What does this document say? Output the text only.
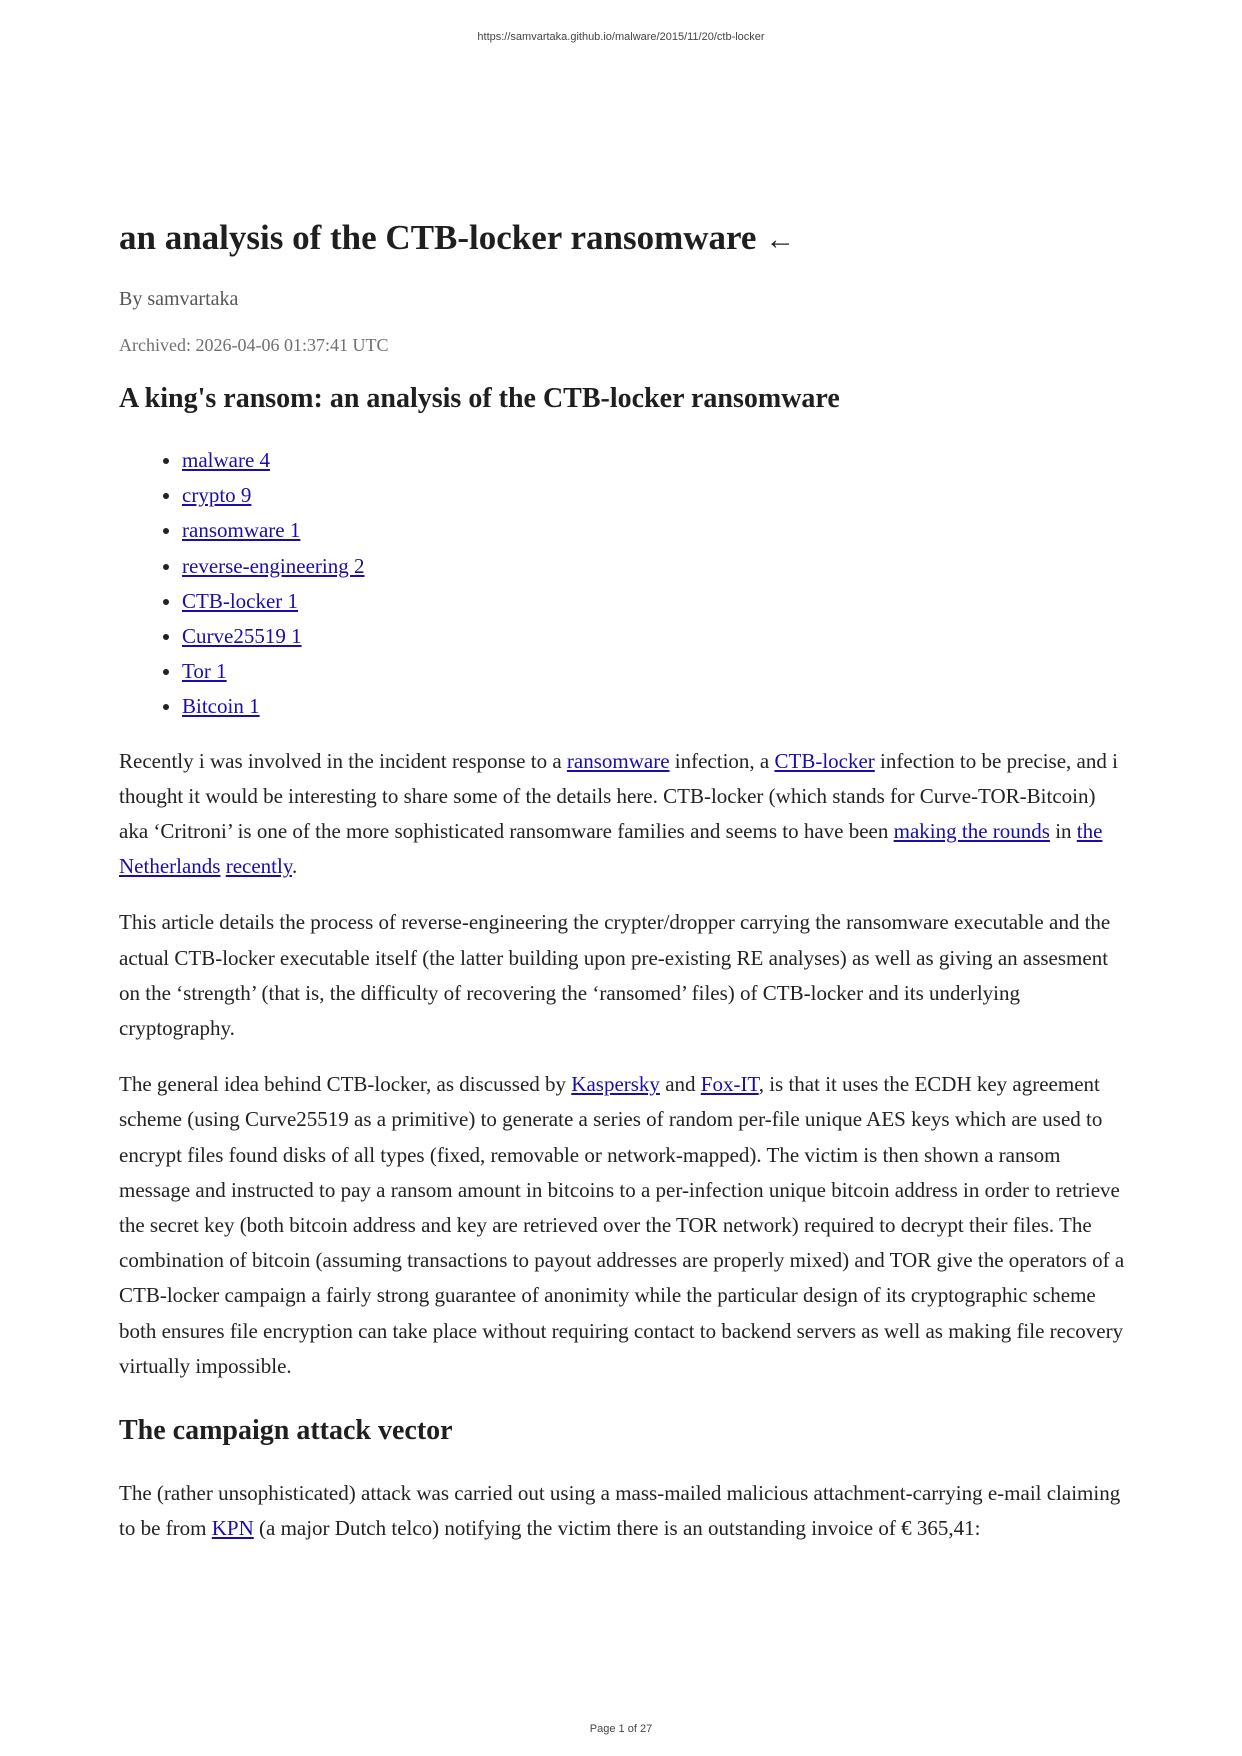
https://samvartaka.github.io/malware/2015/11/20/ctb-locker
an analysis of the CTB-locker ransomware ←
By samvartaka
Archived: 2026-04-06 01:37:41 UTC
A king's ransom: an analysis of the CTB-locker ransomware
• malware 4
• crypto 9
• ransomware 1
• reverse-engineering 2
• CTB-locker 1
• Curve25519 1
• Tor 1
• Bitcoin 1

Recently i was involved in the incident response to a ransomware infection, a CTB-locker infection to be precise, and i thought it would be interesting to share some of the details here. CTB-locker (which stands for Curve-TOR-Bitcoin) aka ‘Critroni’ is one of the more sophisticated ransomware families and seems to have been making the rounds in the Netherlands recently.

This article details the process of reverse-engineering the crypter/dropper carrying the ransomware executable and the actual CTB-locker executable itself (the latter building upon pre-existing RE analyses) as well as giving an assesment on the ‘strength’ (that is, the difficulty of recovering the ‘ransomed’ files) of CTB-locker and its underlying cryptography.

The general idea behind CTB-locker, as discussed by Kaspersky and Fox-IT, is that it uses the ECDH key agreement scheme (using Curve25519 as a primitive) to generate a series of random per-file unique AES keys which are used to encrypt files found disks of all types (fixed, removable or network-mapped). The victim is then shown a ransom message and instructed to pay a ransom amount in bitcoins to a per-infection unique bitcoin address in order to retrieve the secret key (both bitcoin address and key are retrieved over the TOR network) required to decrypt their files. The combination of bitcoin (assuming transactions to payout addresses are properly mixed) and TOR give the operators of a CTB-locker campaign a fairly strong guarantee of anonimity while the particular design of its cryptographic scheme both ensures file encryption can take place without requiring contact to backend servers as well as making file recovery virtually impossible.

The campaign attack vector

The (rather unsophisticated) attack was carried out using a mass-mailed malicious attachment-carrying e-mail claiming to be from KPN (a major Dutch telco) notifying the victim there is an outstanding invoice of € 365,41:

Page 1 of 27
